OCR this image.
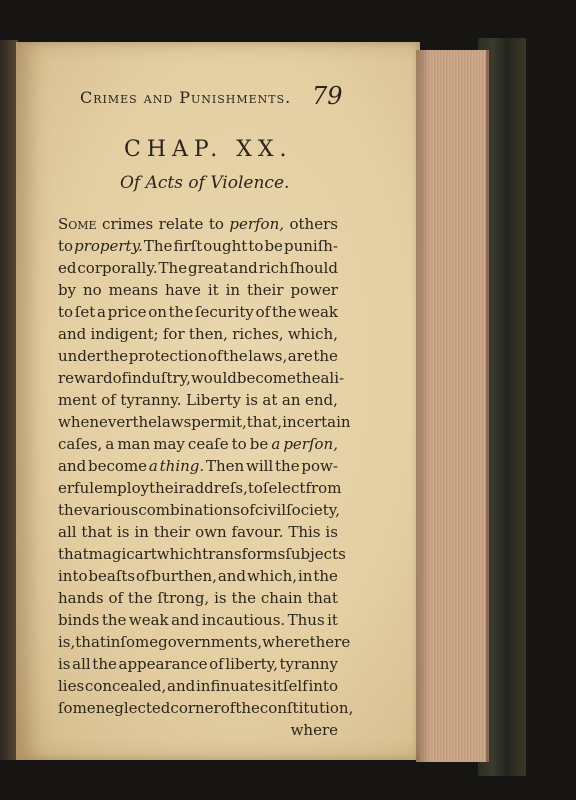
Crimes and Punishments. 79
CHAP. XX.
Of Acts of Violence.
Some crimes relate to perfon, others
to property. The firſt ought to be puniſh-
ed corporally. The great and rich ſhould
by no means have it in their power
to ſet a price on the ſecurity of the weak
and indigent; for then, riches, which,
under the protection of the laws, are the
reward of induſtry, would become the ali-
ment of tyranny. Liberty is at an end,
whenever the laws permit, that, in certain
caſes, a man may ceaſe to be a perſon,
and become a thing. Then will the pow-
erful employ their addreſs, to ſelect from
the various combinations of civil ſociety,
all that is in their own favour. This is
that magic art which transforms ſubjects
into beaſts of burthen, and which, in the
hands of the ſtrong, is the chain that
binds the weak and incautious. Thus it
is, that in ſome governments, where there
is all the appearance of liberty, tyranny
lies concealed, and infinuates itſelf into
ſome neglected corner of the conſtitution,
where
